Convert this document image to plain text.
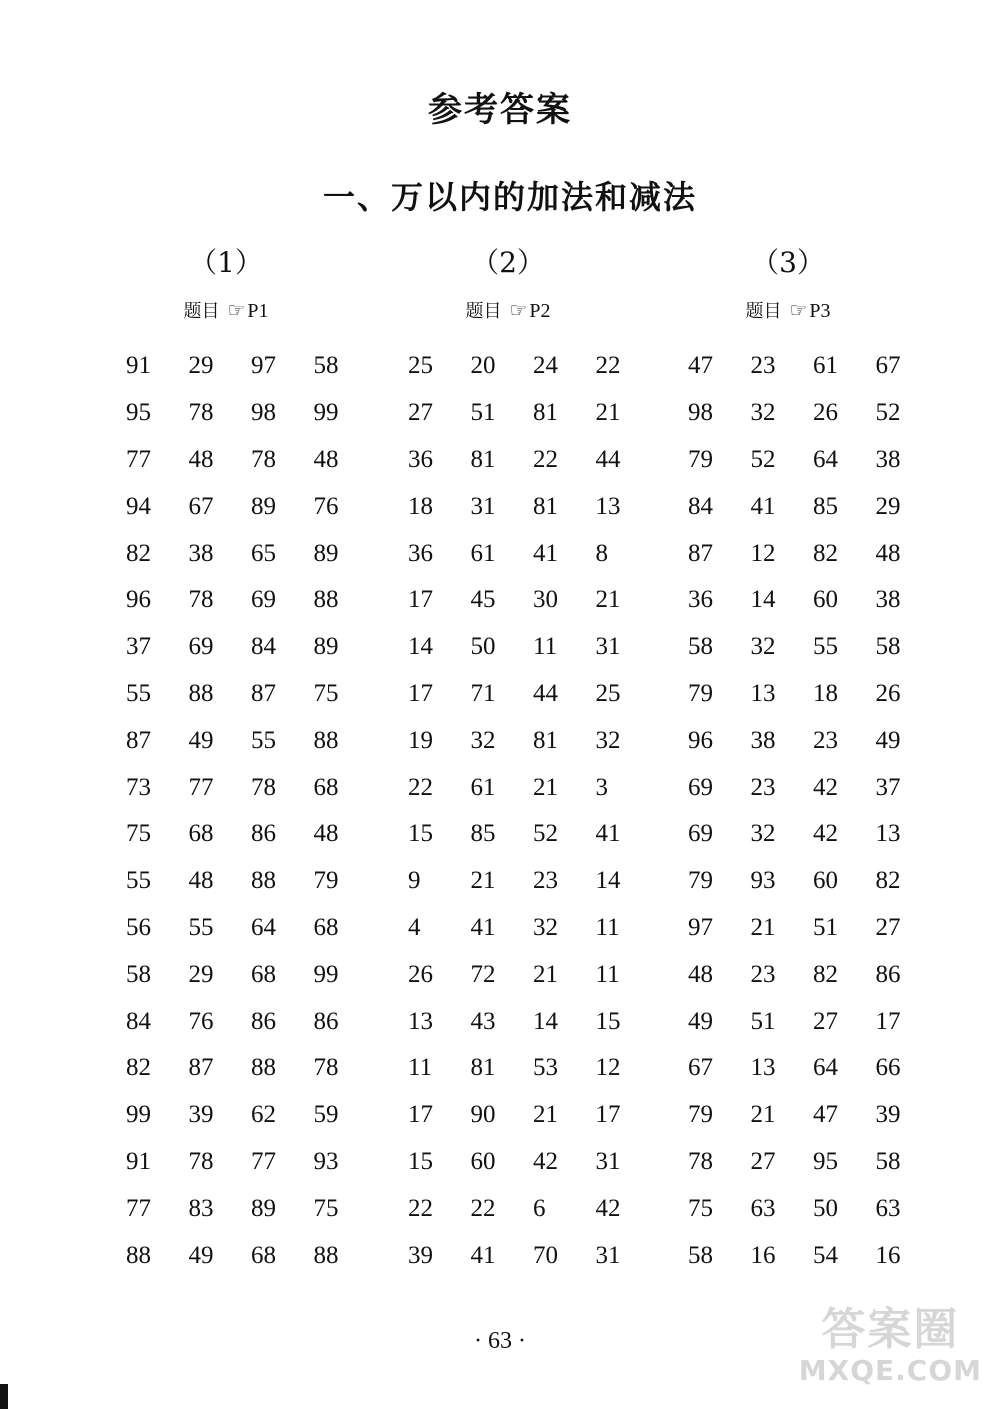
参考答案
一、万以内的加法和减法
（1）
题目 ☞ P1
91	29	97	58
95	78	98	99
77	48	78	48
94	67	89	76
82	38	65	89
96	78	69	88
37	69	84	89
55	88	87	75
87	49	55	88
73	77	78	68
75	68	86	48
55	48	88	79
56	55	64	68
58	29	68	99
84	76	86	86
82	87	88	78
99	39	62	59
91	78	77	93
77	83	89	75
88	49	68	88
（2）
题目 ☞ P2
25	20	24	22
27	51	81	21
36	81	22	44
18	31	81	13
36	61	41	8
17	45	30	21
14	50	11	31
17	71	44	25
19	32	81	32
22	61	21	3
15	85	52	41
9	21	23	14
4	41	32	11
26	72	21	11
13	43	14	15
11	81	53	12
17	90	21	17
15	60	42	31
22	22	6	42
39	41	70	31
（3）
题目 ☞ P3
47	23	61	67
98	32	26	52
79	52	64	38
84	41	85	29
87	12	82	48
36	14	60	38
58	32	55	58
79	13	18	26
96	38	23	49
69	23	42	37
69	32	42	13
79	93	60	82
97	21	51	27
48	23	82	86
49	51	27	17
67	13	64	66
79	21	47	39
78	27	95	58
75	63	50	63
58	16	54	16
· 63 ·	答案圈
MXQE.COM
